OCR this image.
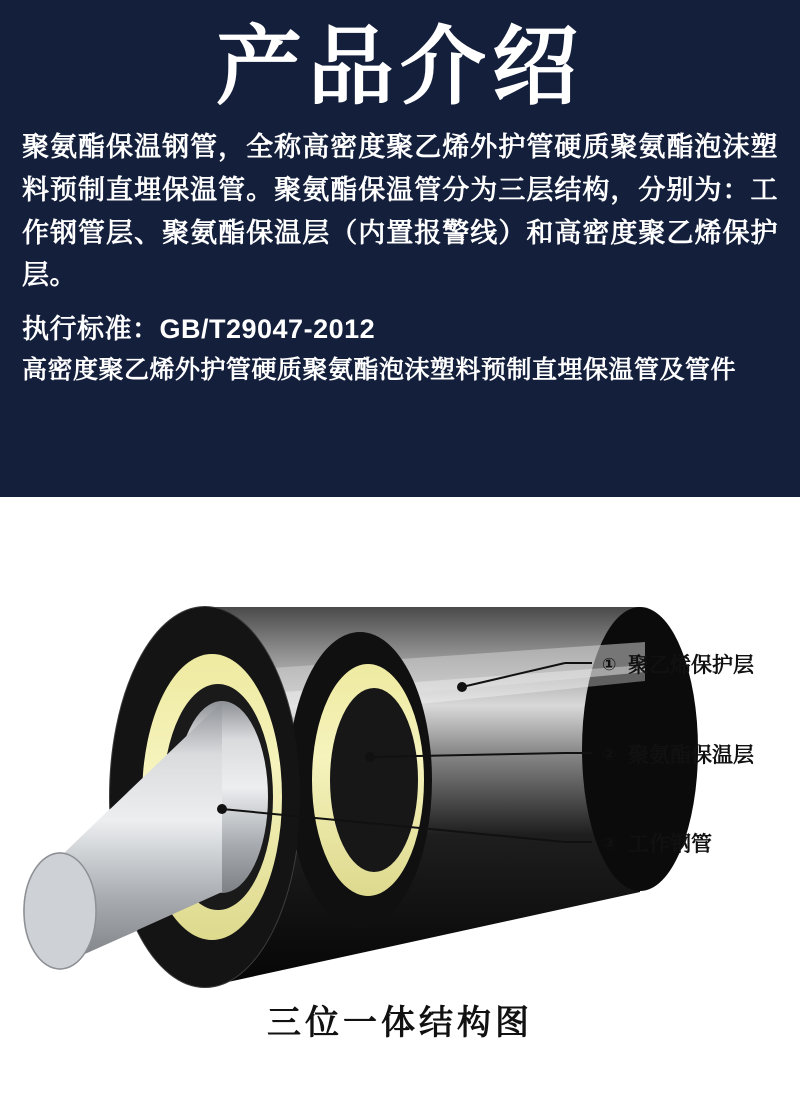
产品介绍
聚氨酯保温钢管，全称高密度聚乙烯外护管硬质聚氨酯泡沫塑料预制直埋保温管。聚氨酯保温管分为三层结构，分别为：工作钢管层、聚氨酯保温层（内置报警线）和高密度聚乙烯保护层。
执行标准：GB/T29047-2012
高密度聚乙烯外护管硬质聚氨酯泡沫塑料预制直埋保温管及管件
① 聚乙烯保护层
② 聚氨酯保温层
③ 工作钢管
三位一体结构图
